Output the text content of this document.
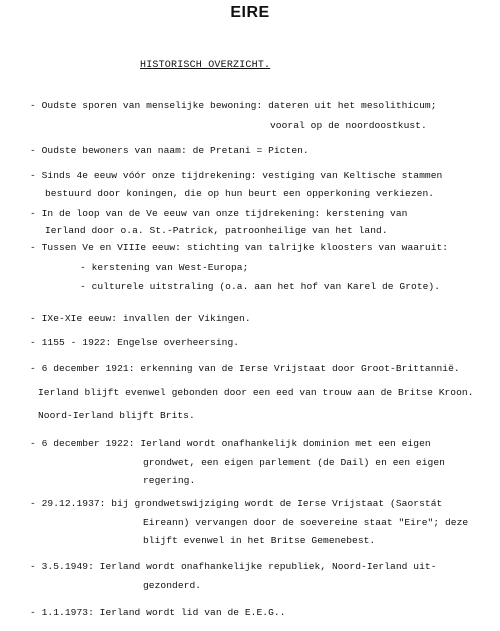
EIRE
HISTORISCH OVERZICHT.
- Oudste sporen van menselijke bewoning: dateren uit het mesolithicum;
vooral op de noordoostkust.
- Oudste bewoners van naam: de Pretani = Picten.
- Sinds 4e eeuw vóór onze tijdrekening: vestiging van Keltische stammen
bestuurd door koningen, die op hun beurt een opperkoning verkiezen.
- In de loop van de Ve eeuw van onze tijdrekening: kerstening van
Ierland door o.a. St.-Patrick, patroonheilige van het land.
- Tussen Ve en VIIIe eeuw: stichting van talrijke kloosters van waaruit:
- kerstening van West-Europa;
- culturele uitstraling (o.a. aan het hof van Karel de Grote).
- IXe-XIe eeuw: invallen der Vikingen.
- 1155 - 1922: Engelse overheersing.
- 6 december 1921: erkenning van de Ierse Vrijstaat door Groot-Brittannië.
Ierland blijft evenwel gebonden door een eed van trouw aan de Britse Kroon.
Noord-Ierland blijft Brits.
- 6 december 1922: Ierland wordt onafhankelijk dominion met een eigen
grondwet, een eigen parlement (de Dail) en een eigen
regering.
- 29.12.1937: bij grondwetswijziging wordt de Ierse Vrijstaat (Saorstát
Eireann) vervangen door de soevereine staat "Eire"; deze
blijft evenwel in het Britse Gemenebest.
- 3.5.1949: Ierland wordt onafhankelijke republiek, Noord-Ierland uit-
gezonderd.
- 1.1.1973: Ierland wordt lid van de E.E.G..
